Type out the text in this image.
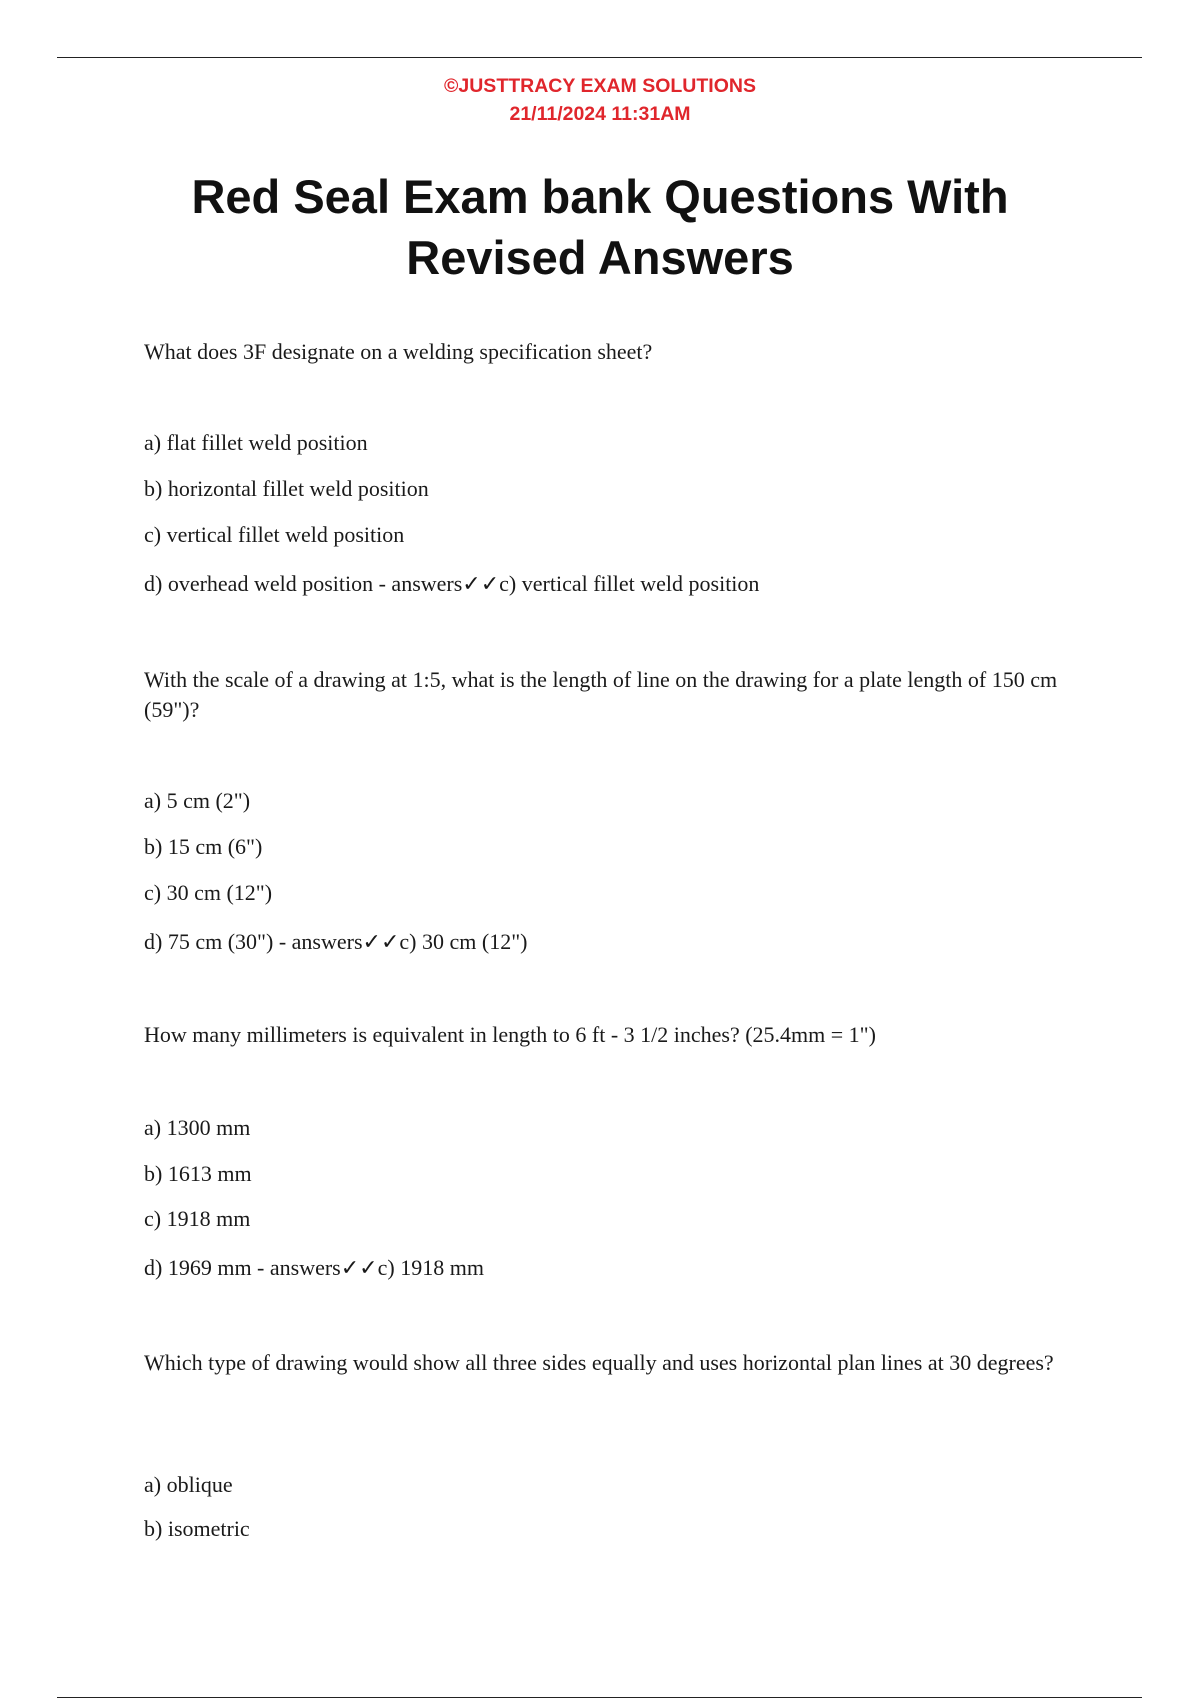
©JUSTTRACY EXAM SOLUTIONS
21/11/2024 11:31AM
Red Seal Exam bank Questions With
Revised Answers
What does 3F designate on a welding specification sheet?
a) flat fillet weld position
b) horizontal fillet weld position
c) vertical fillet weld position
d) overhead weld position - answers✓✓c) vertical fillet weld position
With the scale of a drawing at 1:5, what is the length of line on the drawing for a plate length of 150 cm (59")?
a) 5 cm (2")
b) 15 cm (6")
c) 30 cm (12")
d) 75 cm (30") - answers✓✓c) 30 cm (12")
How many millimeters is equivalent in length to 6 ft - 3 1/2 inches? (25.4mm = 1")
a) 1300 mm
b) 1613 mm
c) 1918 mm
d) 1969 mm - answers✓✓c) 1918 mm
Which type of drawing would show all three sides equally and uses horizontal plan lines at 30 degrees?
a) oblique
b) isometric
